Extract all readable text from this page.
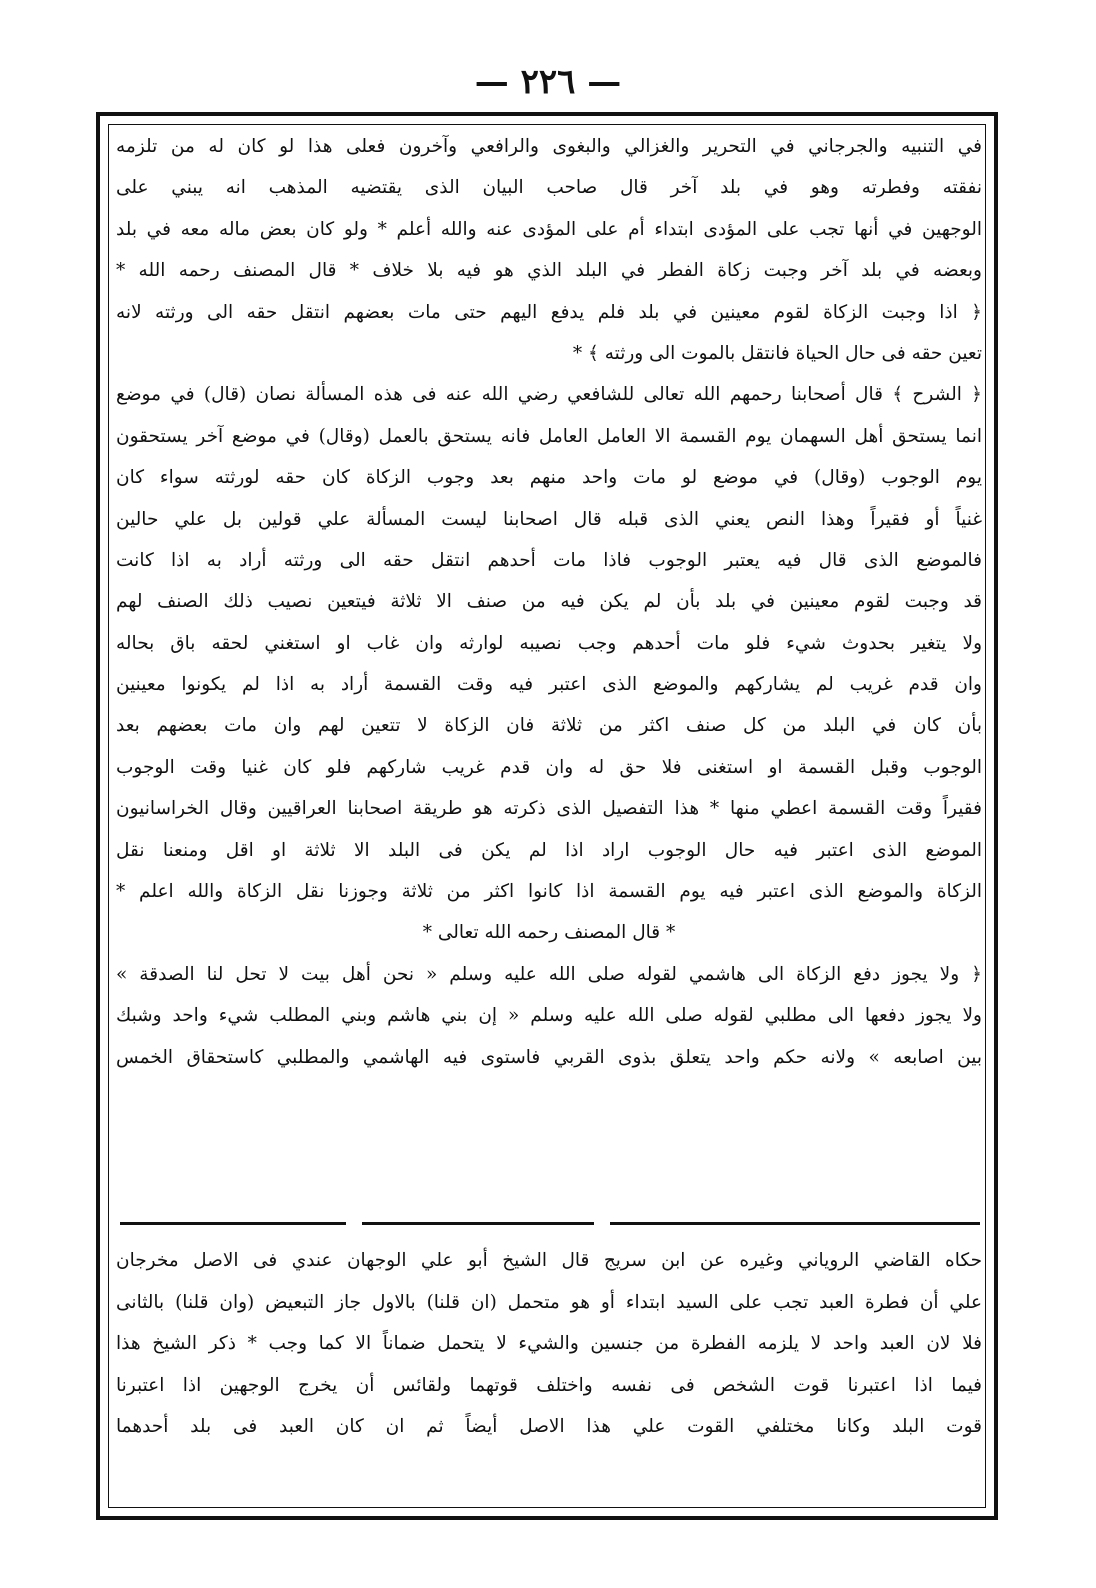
— ٢٢٦ —
في التنبيه والجرجاني في التحرير والغزالي والبغوى والرافعي وآخرون فعلى هذا لو كان له من تلزمه
نفقته وفطرته وهو في بلد آخر قال صاحب البيان الذى يقتضيه المذهب انه يبني على
الوجهين في أنها تجب على المؤدى ابتداء أم على المؤدى عنه والله أعلم * ولو كان بعض ماله معه في بلد
وبعضه في بلد آخر وجبت زكاة الفطر في البلد الذي هو فيه بلا خلاف * قال المصنف رحمه الله *
﴿ اذا وجبت الزكاة لقوم معينين في بلد فلم يدفع اليهم حتى مات بعضهم انتقل حقه الى ورثته لانه
تعين حقه فى حال الحياة فانتقل بالموت الى ورثته ﴾ *
﴿ الشرح ﴾ قال أصحابنا رحمهم الله تعالى للشافعي رضي الله عنه فى هذه المسألة نصان (قال) في موضع
انما يستحق أهل السهمان يوم القسمة الا العامل العامل فانه يستحق بالعمل (وقال) في موضع آخر يستحقون
يوم الوجوب (وقال) في موضع لو مات واحد منهم بعد وجوب الزكاة كان حقه لورثته سواء كان
غنياً أو فقيراً وهذا النص يعني الذى قبله قال اصحابنا ليست المسألة علي قولين بل علي حالين
فالموضع الذى قال فيه يعتبر الوجوب فاذا مات أحدهم انتقل حقه الى ورثته أراد به اذا كانت
قد وجبت لقوم معينين في بلد بأن لم يكن فيه من صنف الا ثلاثة فيتعين نصيب ذلك الصنف لهم
ولا يتغير بحدوث شيء فلو مات أحدهم وجب نصيبه لوارثه وان غاب او استغني لحقه باق بحاله
وان قدم غريب لم يشاركهم والموضع الذى اعتبر فيه وقت القسمة أراد به اذا لم يكونوا معينين
بأن كان في البلد من كل صنف اكثر من ثلاثة فان الزكاة لا تتعين لهم وان مات بعضهم بعد
الوجوب وقبل القسمة او استغنى فلا حق له وان قدم غريب شاركهم فلو كان غنيا وقت الوجوب
فقيراً وقت القسمة اعطي منها * هذا التفصيل الذى ذكرته هو طريقة اصحابنا العراقيين وقال الخراسانيون
الموضع الذى اعتبر فيه حال الوجوب اراد اذا لم يكن فى البلد الا ثلاثة او اقل ومنعنا نقل
الزكاة والموضع الذى اعتبر فيه يوم القسمة اذا كانوا اكثر من ثلاثة وجوزنا نقل الزكاة والله اعلم *
* قال المصنف رحمه الله تعالى *
﴿ ولا يجوز دفع الزكاة الى هاشمي لقوله صلى الله عليه وسلم « نحن أهل بيت لا تحل لنا الصدقة »
ولا يجوز دفعها الى مطلبي لقوله صلى الله عليه وسلم « إن بني هاشم وبني المطلب شيء واحد وشبك
بين اصابعه » ولانه حكم واحد يتعلق بذوى القربي فاستوى فيه الهاشمي والمطلبي كاستحقاق الخمس
حكاه القاضي الروياني وغيره عن ابن سريج قال الشيخ أبو علي الوجهان عندي فى الاصل مخرجان
علي أن فطرة العبد تجب على السيد ابتداء أو هو متحمل (ان قلنا) بالاول جاز التبعيض (وان قلنا) بالثانى
فلا لان العبد واحد لا يلزمه الفطرة من جنسين والشيء لا يتحمل ضماناً الا كما وجب * ذكر الشيخ هذا
فيما اذا اعتبرنا قوت الشخص فى نفسه واختلف قوتهما ولقائس أن يخرج الوجهين اذا اعتبرنا
قوت البلد وكانا مختلفي القوت علي هذا الاصل أيضاً ثم ان كان العبد فى بلد أحدهما
